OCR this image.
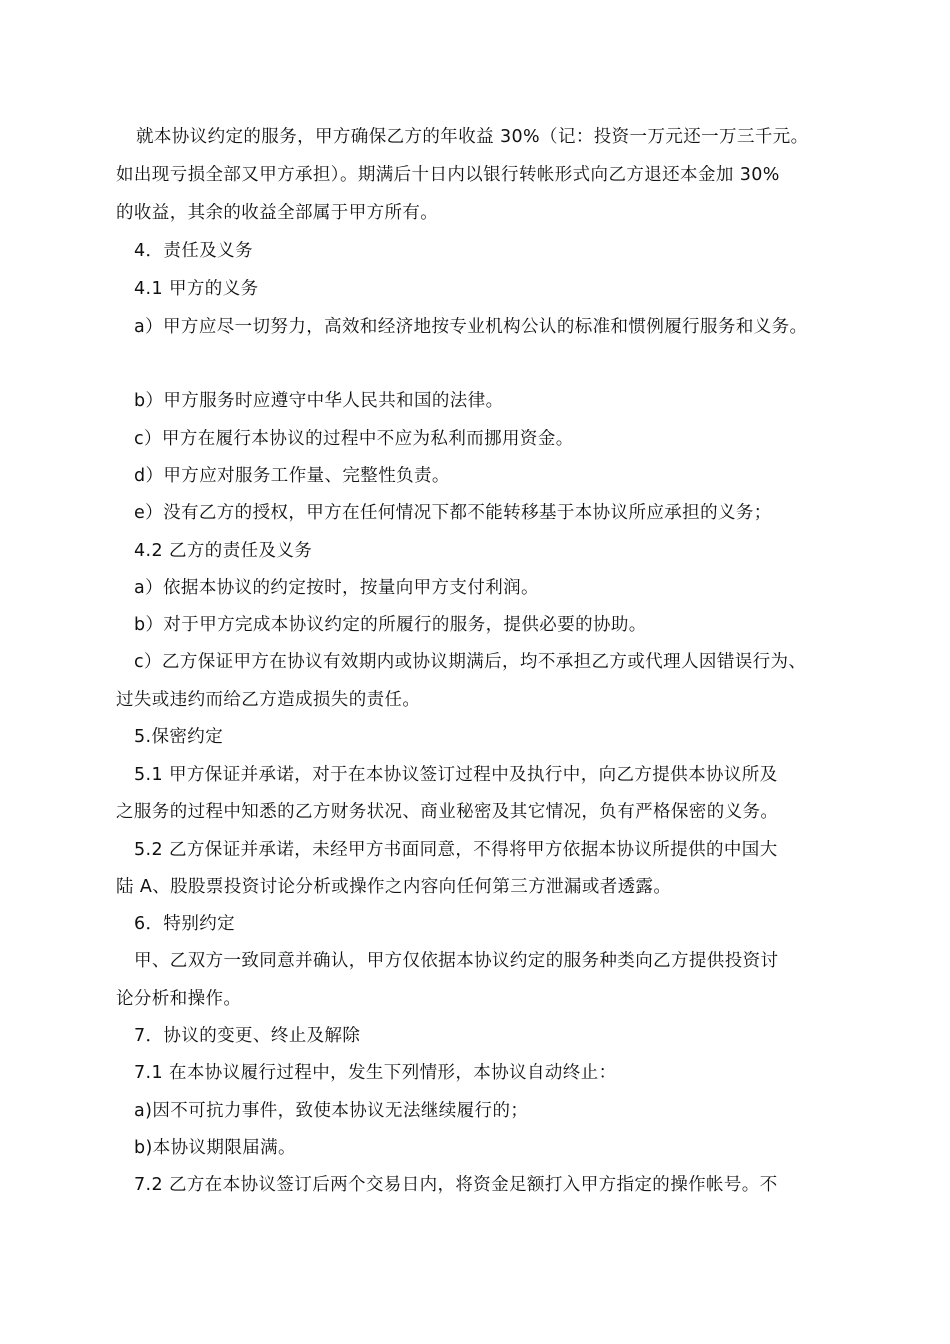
就本协议约定的服务，甲方确保乙方的年收益 30%（记：投资一万元还一万三千元。
如出现亏损全部又甲方承担）。期满后十日内以银行转帐形式向乙方退还本金加 30%
的收益，其余的收益全部属于甲方所有。
4．责任及义务
4.1 甲方的义务
a）甲方应尽一切努力，高效和经济地按专业机构公认的标准和惯例履行服务和义务。
b）甲方服务时应遵守中华人民共和国的法律。
c）甲方在履行本协议的过程中不应为私利而挪用资金。
d）甲方应对服务工作量、完整性负责。
e）没有乙方的授权，甲方在任何情况下都不能转移基于本协议所应承担的义务；
4.2 乙方的责任及义务
a）依据本协议的约定按时，按量向甲方支付利润。
b）对于甲方完成本协议约定的所履行的服务，提供必要的协助。
c）乙方保证甲方在协议有效期内或协议期满后，均不承担乙方或代理人因错误行为、
过失或违约而给乙方造成损失的责任。
5.保密约定
5.1 甲方保证并承诺，对于在本协议签订过程中及执行中，向乙方提供本协议所及
之服务的过程中知悉的乙方财务状况、商业秘密及其它情况，负有严格保密的义务。
5.2 乙方保证并承诺，未经甲方书面同意，不得将甲方依据本协议所提供的中国大
陆 A、股股票投资讨论分析或操作之内容向任何第三方泄漏或者透露。
6．特别约定
甲、乙双方一致同意并确认，甲方仅依据本协议约定的服务种类向乙方提供投资讨
论分析和操作。
7．协议的变更、终止及解除
7.1 在本协议履行过程中，发生下列情形，本协议自动终止：
a)因不可抗力事件，致使本协议无法继续履行的；
b)本协议期限届满。
7.2 乙方在本协议签订后两个交易日内，将资金足额打入甲方指定的操作帐号。不
